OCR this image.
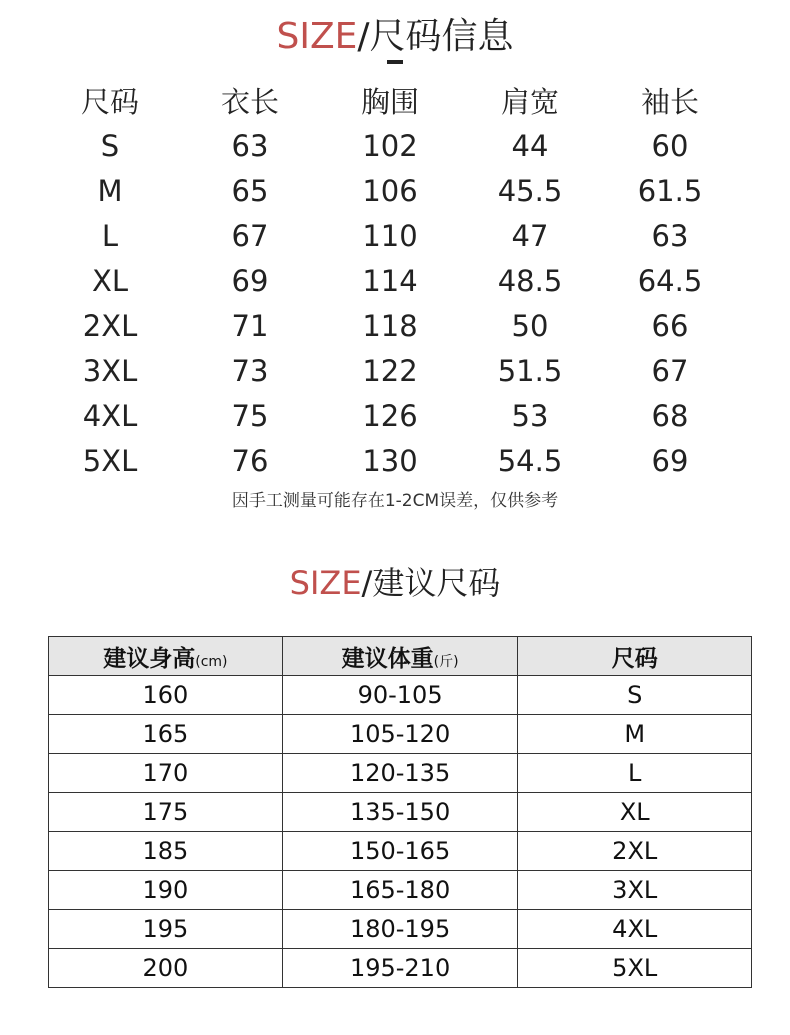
SIZE/尺码信息
尺码	衣长	胸围	肩宽	袖长
S	63	102	44	60
M	65	106	45.5	61.5
L	67	110	47	63
XL	69	114	48.5	64.5
2XL	71	118	50	66
3XL	73	122	51.5	67
4XL	75	126	53	68
5XL	76	130	54.5	69
因手工测量可能存在1-2CM误差，仅供参考
SIZE/建议尺码
建议身高(cm)	建议体重(斤)	尺码
160	90-105	S
165	105-120	M
170	120-135	L
175	135-150	XL
185	150-165	2XL
190	165-180	3XL
195	180-195	4XL
200	195-210	5XL
